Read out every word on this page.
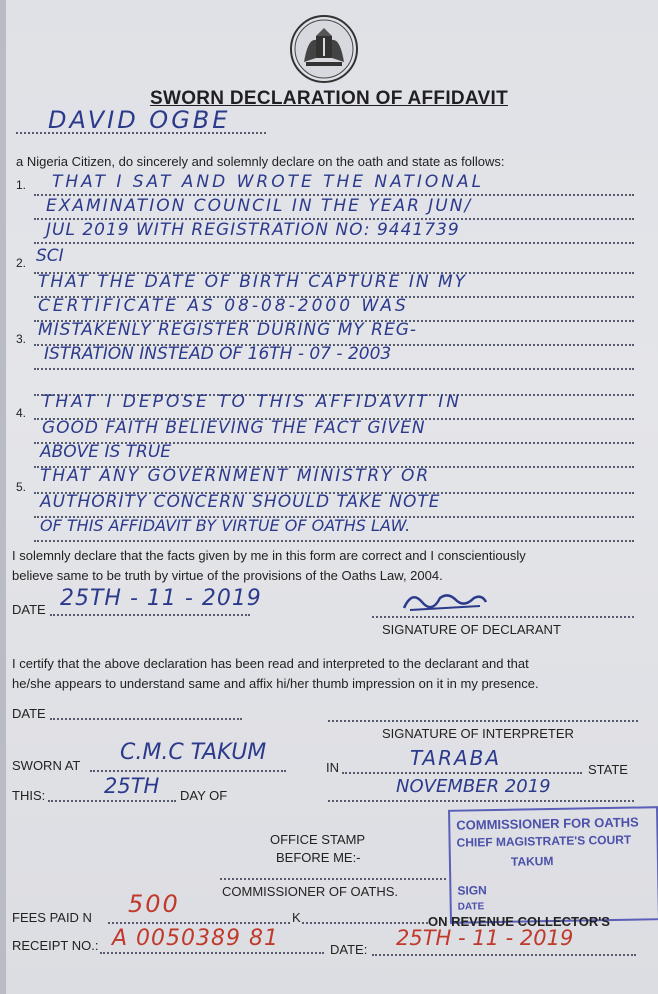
SWORN DECLARATION OF AFFIDAVIT
DAVID OGBE
a Nigeria Citizen, do sincerely and solemnly declare on the oath and state as follows:
1. THAT I SAT AND WROTE THE NATIONAL
EXAMINATION COUNCIL IN THE YEAR JUN/
JUL 2019 WITH REGISTRATION NO: 9441739
2. SCI
THAT THE DATE OF BIRTH CAPTURE IN MY
CERTIFICATE AS 08-08-2000 WAS
3. MISTAKENLY REGISTER DURING MY REG-
ISTRATION INSTEAD OF 16TH - 07 - 2003
4.
THAT I DEPOSE TO THIS AFFIDAVIT IN
GOOD FAITH BELIEVING THE FACT GIVEN
ABOVE IS TRUE
5.
THAT ANY GOVERNMENT MINISTRY OR
AUTHORITY CONCERN SHOULD TAKE NOTE
OF THIS AFFIDAVIT BY VIRTUE OF OATHS LAW.
I solemnly declare that the facts given by me in this form are correct and I conscientiously
believe same to be truth by virtue of the provisions of the Oaths Law, 2004.
DATE 25TH - 11 - 2019
SIGNATURE OF DECLARANT
I certify that the above declaration has been read and interpreted to the declarant and that
he/she appears to understand same and affix hi/her thumb impression on it in my presence.
DATE
SIGNATURE OF INTERPRETER
SWORN AT
C.M.C TAKUM
IN	TARABA	STATE
THIS:	25TH DAY OF	NOVEMBER 2019
OFFICE STAMP
BEFORE ME:-
COMMISSIONER OF OATHS.
COMMISSIONER FOR OATHS
CHIEF MAGISTRATE'S COURT
TAKUM
SIGN
DATE
FEES PAID N 500	K	ON REVENUE COLLECTOR'S
RECEIPT NO.: A 0050389 81	DATE: 25TH - 11 - 2019
